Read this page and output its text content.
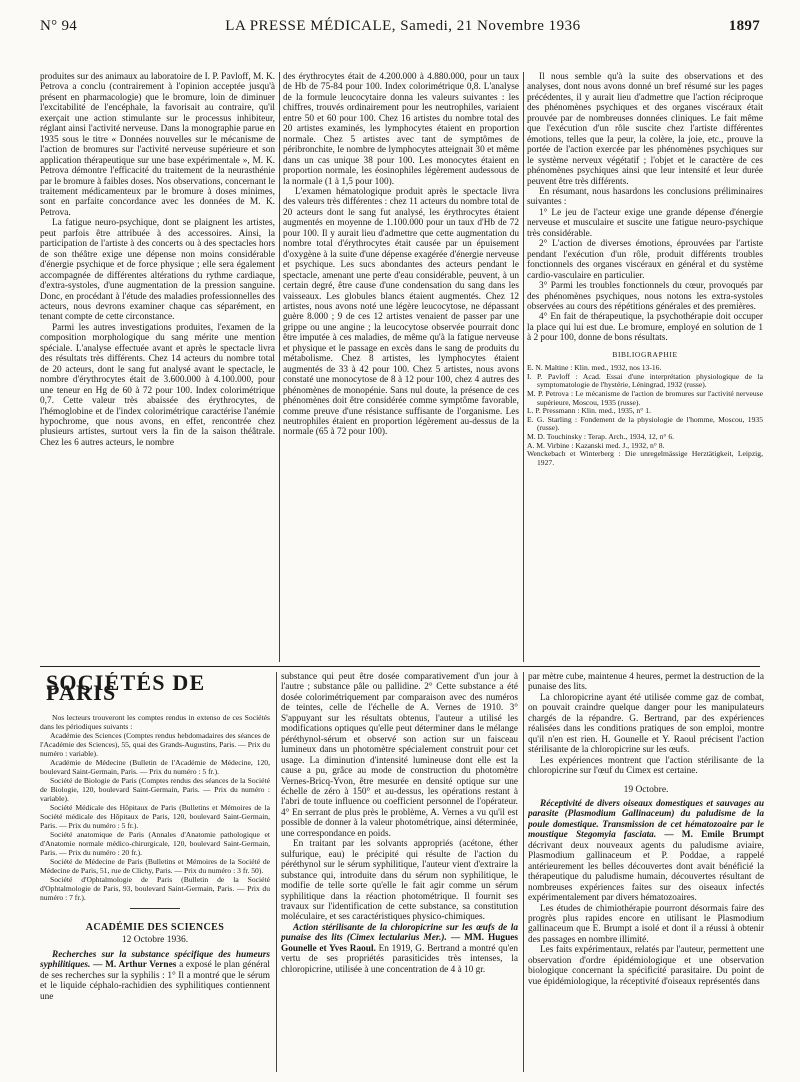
N° 94	LA PRESSE MÉDICALE, Samedi, 21 Novembre 1936	1897

produites sur des animaux au laboratoire de I. P. Pavloff, M. K. Petrova a conclu (contrairement à l'opinion acceptée jusqu'à présent en pharmacologie) que le bromure, loin de diminuer l'excitabilité de l'encéphale, la favorisait au contraire, qu'il exerçait une action stimulante sur le processus inhibiteur, réglant ainsi l'activité nerveuse. Dans la monographie parue en 1935 sous le titre « Données nouvelles sur le mécanisme de l'action de bromures sur l'activité nerveuse supérieure et son application thérapeutique sur une base expérimentale », M. K. Petrova démontre l'efficacité du traitement de la neurasthénie par le bromure à faibles doses. Nos observations, concernant le traitement médicamenteux par le bromure à doses minimes, sont en parfaite concordance avec les données de M. K. Petrova.

La fatigue neuro-psychique, dont se plaignent les artistes, peut parfois être attribuée à des accessoires. Ainsi, la participation de l'artiste à des concerts ou à des spectacles hors de son théâtre exige une dépense non moins considérable d'énergie psychique et de force physique ; elle sera également accompagnée de différentes altérations du rythme cardiaque, d'extra-systoles, d'une augmentation de la pression sanguine. Donc, en procédant à l'étude des maladies professionnelles des acteurs, nous devrons examiner chaque cas séparément, en tenant compte de cette circonstance.

Parmi les autres investigations produites, l'examen de la composition morphologique du sang mérite une mention spéciale. L'analyse effectuée avant et après le spectacle livra des résultats très différents. Chez 14 acteurs du nombre total de 20 acteurs, dont le sang fut analysé avant le spectacle, le nombre d'érythrocytes était de 3.600.000 à 4.100.000, pour une teneur en Hg de 60 à 72 pour 100. Index colorimétrique 0,7. Cette valeur très abaissée des érythrocytes, de l'hémoglobine et de l'index colorimétrique caractérise l'anémie hypochrome, que nous avons, en effet, rencontrée chez plusieurs artistes, surtout vers la fin de la saison théâtrale. Chez les 6 autres acteurs, le nombre

des érythrocytes était de 4.200.000 à 4.880.000, pour un taux de Hb de 75-84 pour 100. Index colorimétrique 0,8. L'analyse de la formule leucocytaire donna les valeurs suivantes : les chiffres, trouvés ordinairement pour les neutrophiles, variaient entre 50 et 60 pour 100. Chez 16 artistes du nombre total des 20 artistes examinés, les lymphocytes étaient en proportion normale. Chez 5 artistes avec tant de symptômes de péribronchite, le nombre de lymphocytes atteignait 30 et même dans un cas unique 38 pour 100. Les monocytes étaient en proportion normale, les éosinophiles légèrement audessous de la normale (1 à 1,5 pour 100).

L'examen hématologique produit après le spectacle livra des valeurs très différentes : chez 11 acteurs du nombre total de 20 acteurs dont le sang fut analysé, les érythrocytes étaient augmentés en moyenne de 1.100.000 pour un taux d'Hb de 72 pour 100. Il y aurait lieu d'admettre que cette augmentation du nombre total d'érythrocytes était causée par un épuisement d'oxygène à la suite d'une dépense exagérée d'énergie nerveuse et psychique. Les sucs abondantes des acteurs pendant le spectacle, amenant une perte d'eau considérable, peuvent, à un certain degré, être cause d'une condensation du sang dans les vaisseaux. Les globules blancs étaient augmentés. Chez 12 artistes, nous avons noté une légère leucocytose, ne dépassant guère 8.000 ; 9 de ces 12 artistes venaient de passer par une grippe ou une angine ; la leucocytose observée pourrait donc être imputée à ces maladies, de même qu'à la fatigue nerveuse et physique et le passage en excès dans le sang de produits du métabolisme. Chez 8 artistes, les lymphocytes étaient augmentés de 33 à 42 pour 100. Chez 5 artistes, nous avons constaté une monocytose de 8 à 12 pour 100, chez 4 autres des phénomènes de monopénie. Sans nul doute, la présence de ces phénomènes doit être considérée comme symptôme favorable, comme preuve d'une résistance suffisante de l'organisme. Les neutrophiles étaient en proportion légèrement au-dessus de la normale (65 à 72 pour 100).

Il nous semble qu'à la suite des observations et des analyses, dont nous avons donné un bref résumé sur les pages précédentes, il y aurait lieu d'admettre que l'action réciproque des phénomènes psychiques et des organes viscéraux était prouvée par de nombreuses données cliniques. Le fait même que l'exécution d'un rôle suscite chez l'artiste différentes émotions, telles que la peur, la colère, la joie, etc., prouve la portée de l'action exercée par les phénomènes psychiques sur le système nerveux végétatif ; l'objet et le caractère de ces phénomènes psychiques ainsi que leur intensité et leur durée peuvent être très différents.

En résumant, nous hasardons les conclusions préliminaires suivantes :

1° Le jeu de l'acteur exige une grande dépense d'énergie nerveuse et musculaire et suscite une fatigue neuro-psychique très considérable.

2° L'action de diverses émotions, éprouvées par l'artiste pendant l'exécution d'un rôle, produit différents troubles fonctionnels des organes viscéraux en général et du système cardio-vasculaire en particulier.

3° Parmi les troubles fonctionnels du cœur, provoqués par des phénomènes psychiques, nous notons les extra-systoles observées au cours des répétitions générales et des premières.

4° En fait de thérapeutique, la psychothérapie doit occuper la place qui lui est due. Le bromure, employé en solution de 1 à 2 pour 100, donne de bons résultats.

BIBLIOGRAPHIE

E. N. Maltine : Klin. med., 1932, nos 13-16.

I. P. Pavloff : Acad. Essai d'une interprétation physiologique de la symptomatologie de l'hystérie, Léningrad, 1932 (russe).

M. P. Petrova : Le mécanisme de l'action de bromures sur l'activité nerveuse supérieure, Moscou, 1935 (russe).

L. P. Pressmann : Klin. med., 1935, n° 1.

E. G. Starling : Fondement de la physiologie de l'homme, Moscou, 1935 (russe).

M. D. Touchinsky : Terap. Arch., 1934, 12, n° 6.

A. M. Virbine : Kazanski med. J., 1932, n° 8.

Wenckebach et Winterberg : Die unregelmässige Herztätigkeit, Leipzig, 1927.

SOCIÉTÉS DE PARIS

Nos lecteurs trouveront les comptes rendus in extenso de ces Sociétés dans les périodiques suivants :

Académie des Sciences (Comptes rendus hebdomadaires des séances de l'Académie des Sciences), 55, quai des Grands-Augustins, Paris. — Prix du numéro : variable).

Académie de Médecine (Bulletin de l'Académie de Médecine, 120, boulevard Saint-Germain, Paris. — Prix du numéro : 5 fr.).

Société de Biologie de Paris (Comptes rendus des séances de la Société de Biologie, 120, boulevard Saint-Germain, Paris. — Prix du numéro : variable).

Société Médicale des Hôpitaux de Paris (Bulletins et Mémoires de la Société médicale des Hôpitaux de Paris, 120, boulevard Saint-Germain, Paris. — Prix du numéro : 5 fr.).

Société anatomique de Paris (Annales d'Anatomie pathologique et d'Anatomie normale médico-chirurgicale, 120, boulevard Saint-Germain, Paris. — Prix du numéro : 20 fr.).

Société de Médecine de Paris (Bulletins et Mémoires de la Société de Médecine de Paris, 51, rue de Clichy, Paris. — Prix du numéro : 3 fr. 50).

Société d'Ophtalmologie de Paris (Bulletin de la Société d'Ophtalmologie de Paris, 93, boulevard Saint-Germain, Paris. — Prix du numéro : 7 fr.).

ACADÉMIE DES SCIENCES
12 Octobre 1936.

Recherches sur la substance spécifique des humeurs syphilitiques. — M. Arthur Vernes a exposé le plan général de ses recherches sur la syphilis : 1° Il a montré que le sérum et le liquide céphalo-rachidien des syphilitiques contiennent une

substance qui peut être dosée comparativement d'un jour à l'autre ; substance pâle ou pallidine. 2° Cette substance a été dosée colorimétriquement par comparaison avec des numéros de teintes, celle de l'échelle de A. Vernes de 1910. 3° S'appuyant sur les résultats obtenus, l'auteur a utilisé les modifications optiques qu'elle peut déterminer dans le mélange péréthynol-sérum et observé son action sur un faisceau lumineux dans un photomètre spécialement construit pour cet usage. La diminution d'intensité lumineuse dont elle est la cause a pu, grâce au mode de construction du photomètre Vernes-Bricq-Yvon, être mesurée en densité optique sur une échelle de zéro à 150° et au-dessus, les opérations restant à l'abri de toute influence ou coefficient personnel de l'opérateur. 4° En serrant de plus près le problème, A. Vernes a vu qu'il est possible de donner à la valeur photométrique, ainsi déterminée, une correspondance en poids.

En traitant par les solvants appropriés (acétone, éther sulfurique, eau) le précipité qui résulte de l'action du péréthynol sur le sérum syphilitique, l'auteur vient d'extraire la substance qui, introduite dans du sérum non syphilitique, le modifie de telle sorte qu'elle le fait agir comme un sérum syphilitique dans la réaction photométrique. Il fournit ses travaux sur l'identification de cette substance, sa constitution moléculaire, et ses caractéristiques physico-chimiques.

Action stérilisante de la chloropicrine sur les œufs de la punaise des lits (Cimex lectularius Mer.). — MM. Hugues Gounelle et Yves Raoul. En 1919, G. Bertrand a montré qu'en vertu de ses propriétés parasiticides très intenses, la chloropicrine, utilisée à une concentration de 4 à 10 gr.

par mètre cube, maintenue 4 heures, permet la destruction de la punaise des lits.

La chloropicrine ayant été utilisée comme gaz de combat, on pouvait craindre quelque danger pour les manipulateurs chargés de la répandre. G. Bertrand, par des expériences réalisées dans les conditions pratiques de son emploi, montre qu'il n'en est rien. H. Gounelle et Y. Raoul précisent l'action stérilisante de la chloropicrine sur les œufs.

Les expériences montrent que l'action stérilisante de la chloropicrine sur l'œuf du Cimex est certaine.

19 Octobre.

Réceptivité de divers oiseaux domestiques et sauvages au parasite (Plasmodium Gallinaceum) du paludisme de la poule domestique. Transmission de cet hématozoaire par le moustique Stegomyia fasciata. — M. Emile Brumpt décrivant deux nouveaux agents du paludisme aviaire, Plasmodium gallinaceum et P. Poddae, a rappelé antérieurement les belles découvertes dont avait bénéficié la thérapeutique du paludisme humain, découvertes résultant de nombreuses expériences faites sur des oiseaux infectés expérimentalement par divers hématozoaires.

Les études de chimiothérapie pourront désormais faire des progrès plus rapides encore en utilisant le Plasmodium gallinaceum que E. Brumpt a isolé et dont il a réussi à obtenir des passages en nombre illimité.

Les faits expérimentaux, relatés par l'auteur, permettent une observation d'ordre épidémiologique et une observation biologique concernant la spécificité parasitaire. Du point de vue épidémiologique, la réceptivité d'oiseaux représentés dans
